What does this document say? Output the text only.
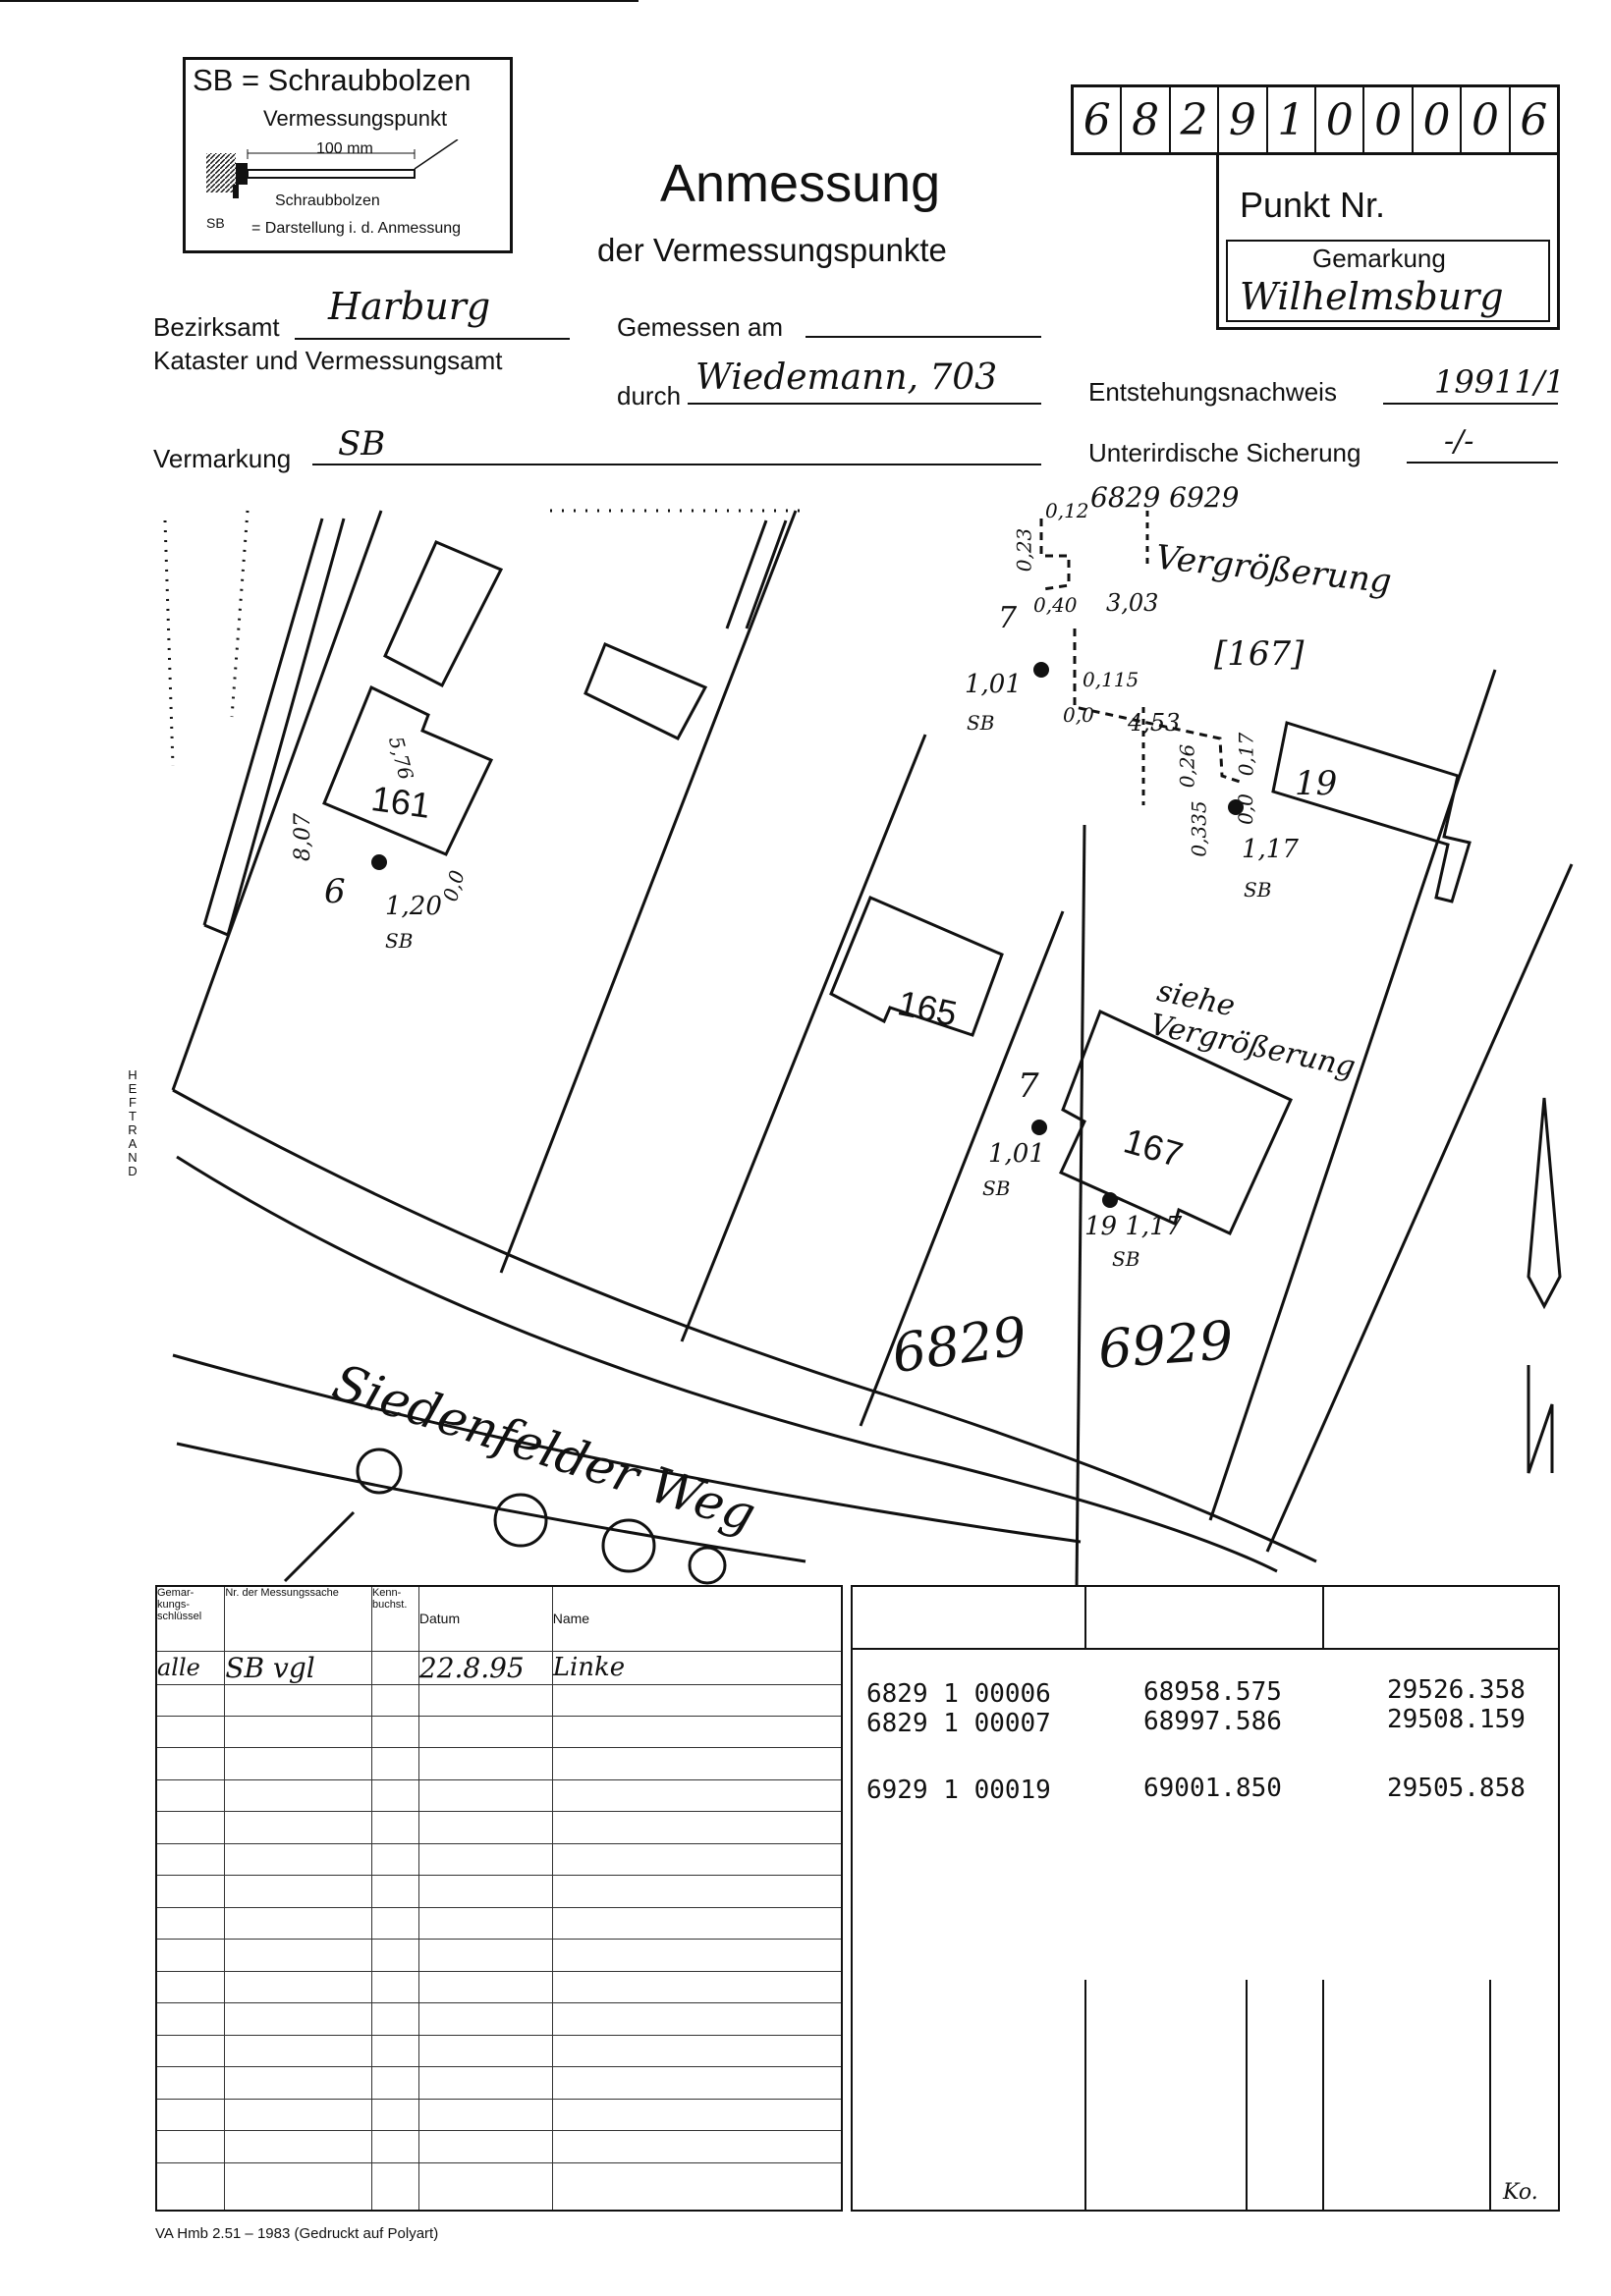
SB = Schraubbolzen
Vermessungspunkt
100 mm
Schraubbolzen
SB = Darstellung i. d. Anmessung
Anmessung
der Vermessungspunkte
6 8 2 9 1 0 0 0 0 6
Punkt Nr.
Gemarkung
Wilhelmsburg
Bezirksamt Harburg
Kataster und Vermessungsamt
Gemessen am
durch Wiedemann, 703	Entstehungsnachweis	19911/1
Vermarkung SB	Unterirdische Sicherung	-/-
HEFTRAND
161
165
167
6829 6929
Siedenfelder Weg
Vergrößerung
[167]
siehe Vergrößerung
6829 6929
6 1,20
SB
7
1,01
SB
19 1,17
SB
19
1,17
SB
7
1,01
SB
0,12
0,23
0,40 3,03
0,115
4,53
0,26 0,17
0,335
0,0
0,0
5,76
8,07
0,0
Gemar-kungs-schlüssel	Nr. der Messungssache	Kenn-buchst.	Datum	Name
alle	SB vgl		22.8.95	Linke

6829 1 00006	68958.575	29526.358
6829 1 00007	68997.586	29508.159
6929 1 00019	69001.850	29505.858
Ko.
VA Hmb 2.51 – 1983 (Gedruckt auf Polyart)
